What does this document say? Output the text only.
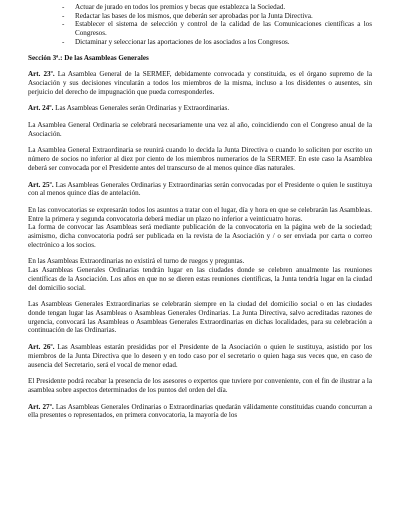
- Actuar de jurado en todos los premios y becas que establezca la Sociedad.
- Redactar las bases de los mismos, que deberán ser aprobadas por la Junta Directiva.
- Establecer el sistema de selección y control de la calidad de las Comunicaciones científicas a los Congresos.
- Dictaminar y seleccionar las aportaciones de los asociados a los Congresos.
Sección 3ª.: De las Asambleas Generales

Art. 23º. La Asamblea General de la SERMEF, debidamente convocada y constituida, es el órgano supremo de la Asociación y sus decisiones vincularán a todos los miembros de la misma, incluso a los disidentes o ausentes, sin perjuicio del derecho de impugnación que pueda corresponderles.

Art. 24º. Las Asambleas Generales serán Ordinarias y Extraordinarias.

La Asamblea General Ordinaria se celebrará necesariamente una vez al año, coincidiendo con el Congreso anual de la Asociación.

La Asamblea General Extraordinaria se reunirá cuando lo decida la Junta Directiva o cuando lo soliciten por escrito un número de socios no inferior al diez por ciento de los miembros numerarios de la SERMEF. En este caso la Asamblea deberá ser convocada por el Presidente antes del transcurso de al menos quince días naturales.

Art. 25º. Las Asambleas Generales Ordinarias y Extraordinarias serán convocadas por el Presidente o quien le sustituya con al menos quince días de antelación.

En las convocatorias se expresarán todos los asuntos a tratar con el lugar, día y hora en que se celebrarán las Asambleas. Entre la primera y segunda convocatoria deberá mediar un plazo no inferior a veinticuatro horas.

La forma de convocar las Asambleas será mediante publicación de la convocatoria en la página web de la sociedad; asimismo, dicha convocatoria podrá ser publicada en la revista de la Asociación y / o ser enviada por carta o correo electrónico a los socios.

En las Asambleas Extraordinarias no existirá el turno de ruegos y preguntas.

Las Asambleas Generales Ordinarias tendrán lugar en las ciudades donde se celebren anualmente las reuniones científicas de la Asociación. Los años en que no se dieren estas reuniones científicas, la Junta tendría lugar en la ciudad del domicilio social.

Las Asambleas Generales Extraordinarias se celebrarán siempre en la ciudad del domicilio social o en las ciudades donde tengan lugar las Asambleas o Asambleas Generales Ordinarias. La Junta Directiva, salvo acreditadas razones de urgencia, convocará las Asambleas o Asambleas Generales Extraordinarias en dichas localidades, para su celebración a continuación de las Ordinarias.

Art. 26º. Las Asambleas estarán presididas por el Presidente de la Asociación o quien le sustituya, asistido por los miembros de la Junta Directiva que lo deseen y en todo caso por el secretario o quien haga sus veces que, en caso de ausencia del Secretario, será el vocal de menor edad.

El Presidente podrá recabar la presencia de los asesores o expertos que tuviere por conveniente, con el fin de ilustrar a la asamblea sobre aspectos determinados de los puntos del orden del día.

Art. 27º. Las Asambleas Generales Ordinarias o Extraordinarias quedarán válidamente constituidas cuando concurran a ella presentes o representados, en primera convocatoria, la mayoría de los
